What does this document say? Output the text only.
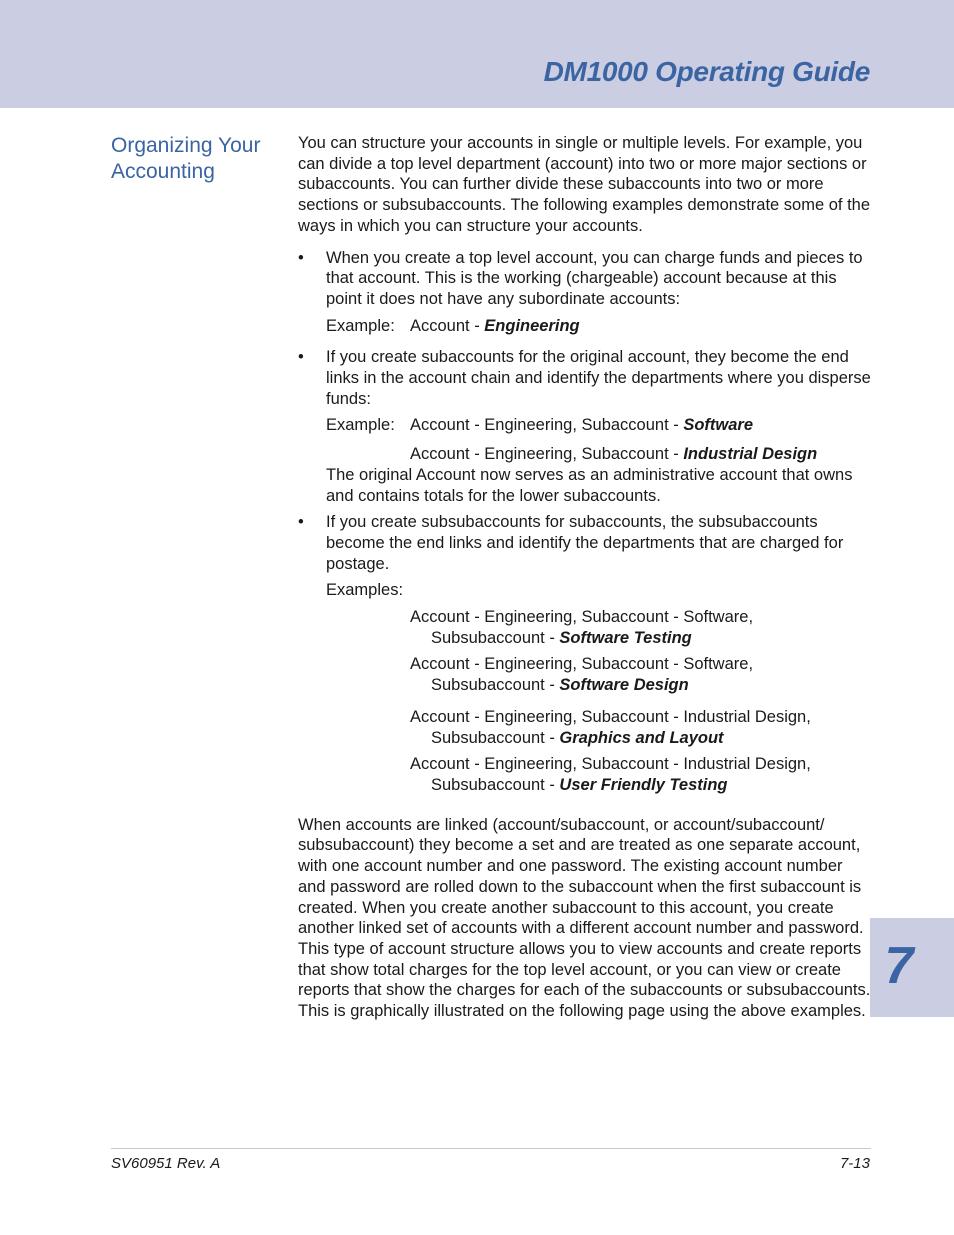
DM1000 Operating Guide
Organizing Your Accounting

You can structure your accounts in single or multiple levels. For example, you can divide a top level department (account) into two or more major sections or subaccounts. You can further divide these subaccounts into two or more sections or subsubaccounts. The following examples demonstrate some of the ways in which you can structure your accounts.

• When you create a top level account, you can charge funds and pieces to that account. This is the working (chargeable) account because at this point it does not have any subordinate accounts:
Example: Account - Engineering
• If you create subaccounts for the original account, they become the end links in the account chain and identify the departments where you disperse funds:
Example: Account - Engineering, Subaccount - Software
Account - Engineering, Subaccount - Industrial Design

The original Account now serves as an administrative account that owns and contains totals for the lower subaccounts.

• If you create subsubaccounts for subaccounts, the subsubaccounts become the end links and identify the departments that are charged for postage.
Examples:
Account - Engineering, Subaccount - Software,
Subsubaccount - Software Testing
Account - Engineering, Subaccount - Software,
Subsubaccount - Software Design
Account - Engineering, Subaccount - Industrial Design,
Subsubaccount - Graphics and Layout
Account - Engineering, Subaccount - Industrial Design,
Subsubaccount - User Friendly Testing

When accounts are linked (account/subaccount, or account/subaccount/ subsubaccount) they become a set and are treated as one separate account, with one account number and one password. The existing account number and password are rolled down to the subaccount when the first subaccount is created. When you create another subaccount to this account, you create another linked set of accounts with a different account number and password.

This type of account structure allows you to view accounts and create reports that show total charges for the top level account, or you can view or create reports that show the charges for each of the subaccounts or subsubaccounts. This is graphically illustrated on the following page using the above examples.

7
SV60951 Rev. A	7-13
